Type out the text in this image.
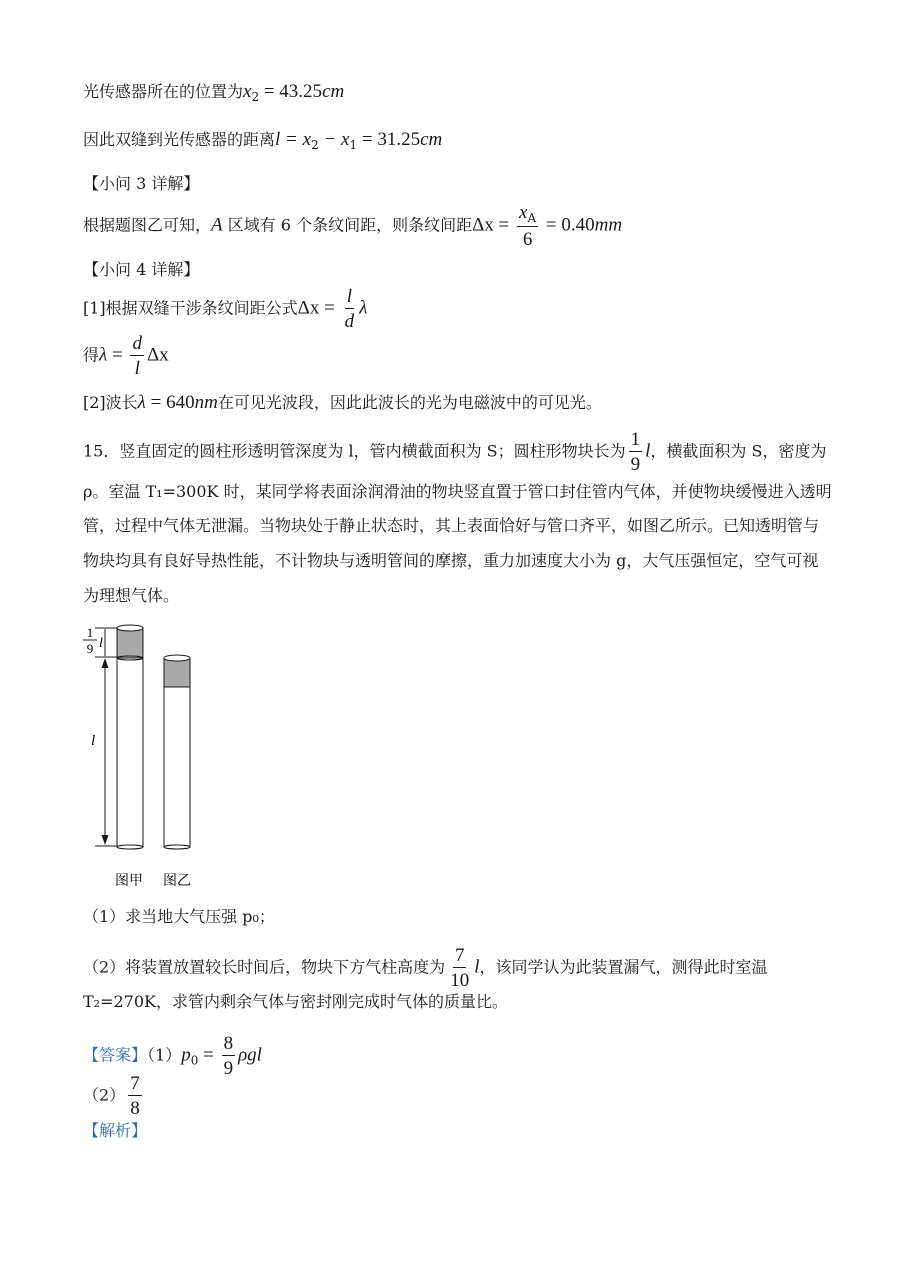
光传感器所在的位置为$x_2 = 43.25cm$
因此双缝到光传感器的距离$l = x_2 - x_1 = 31.25cm$
【小问 3 详解】
根据题图乙可知，A 区域有 6 个条纹间距，则条纹间距$\Delta x = \frac{x_A}{6} = 0.40mm$
【小问 4 详解】
[1]根据双缝干涉条纹间距公式$\Delta x = \frac{l}{d}$ λ
得$\lambda = \frac{d}{l}$ Δx
[2]波长λ = 640nm在可见光波段，因此此波长的光为电磁波中的可见光。
15．竖直固定的圆柱形透明管深度为 l，管内横截面积为 S；圆柱形物块长为 $\frac{1}{9}$ l，横截面积为 S，密度为
ρ。室温 T₁=300K 时，某同学将表面涂润滑油的物块竖直置于管口封住管内气体，并使物块缓慢进入透明
管，过程中气体无泄漏。当物块处于静止状态时，其上表面恰好与管口齐平，如图乙所示。已知透明管与
物块均具有良好导热性能，不计物块与透明管间的摩擦，重力加速度大小为 g，大气压强恒定，空气可视
为理想气体。
1
9 l
l
图甲 图乙
（1）求当地大气压强 p₀；
（2）将装置放置较长时间后，物块下方气柱高度为 $\frac{7}{10}$ l，该同学认为此装置漏气，测得此时室温
T₂=270K，求管内剩余气体与密封刚完成时气体的质量比。
【答案】$(1)p_0 = \frac{8}{9}$ ρgl
$(2) \frac{7}{8}$
【解析】
